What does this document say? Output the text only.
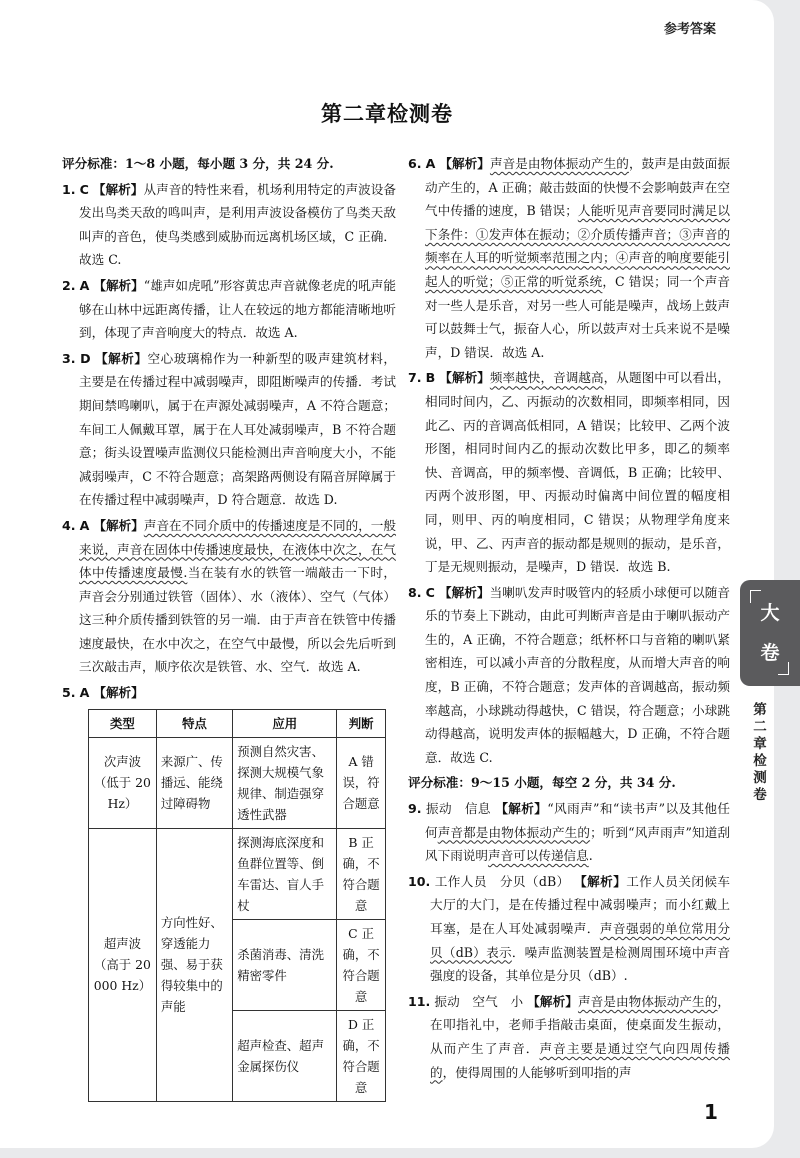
参考答案
第二章检测卷

评分标准：1～8 小题，每小题 3 分，共 24 分.

1. C 【解析】从声音的特性来看，机场利用特定的声波设备发出鸟类天敌的鸣叫声，是利用声波设备模仿了鸟类天敌叫声的音色，使鸟类感到威胁而远离机场区域，C 正确．故选 C.

2. A 【解析】“雄声如虎吼”形容黄忠声音就像老虎的吼声能够在山林中远距离传播，让人在较远的地方都能清晰地听到，体现了声音响度大的特点．故选 A.

3. D 【解析】空心玻璃棉作为一种新型的吸声建筑材料，主要是在传播过程中减弱噪声，即阻断噪声的传播．考试期间禁鸣喇叭，属于在声源处减弱噪声，A 不符合题意；车间工人佩戴耳罩，属于在人耳处减弱噪声，B 不符合题意；街头设置噪声监测仪只能检测出声音响度大小，不能减弱噪声，C 不符合题意；高架路两侧设有隔音屏障属于在传播过程中减弱噪声，D 符合题意．故选 D.

4. A 【解析】声音在不同介质中的传播速度是不同的，一般来说，声音在固体中传播速度最快，在液体中次之，在气体中传播速度最慢.当在装有水的铁管一端敲击一下时，声音会分别通过铁管（固体）、水（液体）、空气（气体）这三种介质传播到铁管的另一端．由于声音在铁管中传播速度最快，在水中次之，在空气中最慢，所以会先后听到三次敲击声，顺序依次是铁管、水、空气．故选 A.

5. A 【解析】

类型	特点	应用	判断
次声波（低于 20 Hz）	来源广、传播远、能绕过障碍物	预测自然灾害、探测大规模气象规律、制造强穿透性武器	A 错误，符合题意
超声波（高于 20 000 Hz）	方向性好、穿透能力强、易于获得较集中的声能	探测海底深度和鱼群位置等、倒车雷达、盲人手杖	B 正确，不符合题意
		杀菌消毒、清洗精密零件	C 正确，不符合题意
		超声检查、超声金属探伤仪	D 正确，不符合题意

6. A 【解析】声音是由物体振动产生的，鼓声是由鼓面振动产生的，A 正确；敲击鼓面的快慢不会影响鼓声在空气中传播的速度，B 错误；人能听见声音要同时满足以下条件：①发声体在振动；②介质传播声音；③声音的频率在人耳的听觉频率范围之内；④声音的响度要能引起人的听觉；⑤正常的听觉系统，C 错误；同一个声音对一些人是乐音，对另一些人可能是噪声，战场上鼓声可以鼓舞士气，振奋人心，所以鼓声对士兵来说不是噪声，D 错误．故选 A.

7. B 【解析】频率越快，音调越高，从题图中可以看出，相同时间内，乙、丙振动的次数相同，即频率相同，因此乙、丙的音调高低相同，A 错误；比较甲、乙两个波形图，相同时间内乙的振动次数比甲多，即乙的频率快、音调高，甲的频率慢、音调低，B 正确；比较甲、丙两个波形图，甲、丙振动时偏离中间位置的幅度相同，则甲、丙的响度相同，C 错误；从物理学角度来说，甲、乙、丙声音的振动都是规则的振动，是乐音，丁是无规则振动，是噪声，D 错误．故选 B.

8. C 【解析】当喇叭发声时吸管内的轻质小球便可以随音乐的节奏上下跳动，由此可判断声音是由于喇叭振动产生的，A 正确，不符合题意；纸杯杯口与音箱的喇叭紧密相连，可以减小声音的分散程度，从而增大声音的响度，B 正确，不符合题意；发声体的音调越高，振动频率越高，小球跳动得越快，C 错误，符合题意；小球跳动得越高，说明发声体的振幅越大，D 正确，不符合题意．故选 C.

评分标准：9～15 小题，每空 2 分，共 34 分.

9. 振动　信息 【解析】“风雨声”和“读书声”以及其他任何声音都是由物体振动产生的；听到“风声雨声”知道刮风下雨说明声音可以传递信息.

10. 工作人员　分贝（dB） 【解析】工作人员关闭候车大厅的大门，是在传播过程中减弱噪声；而小红戴上耳塞，是在人耳处减弱噪声．声音强弱的单位常用分贝（dB）表示．噪声监测装置是检测周围环境中声音强度的设备，其单位是分贝（dB）.

11. 振动　空气　小 【解析】声音是由物体振动产生的，在叩指礼中，老师手指敲击桌面，使桌面发生振动，从而产生了声音．声音主要是通过空气向四周传播的，使得周围的人能够听到叩指的声

1
大
卷
第二章检测卷
